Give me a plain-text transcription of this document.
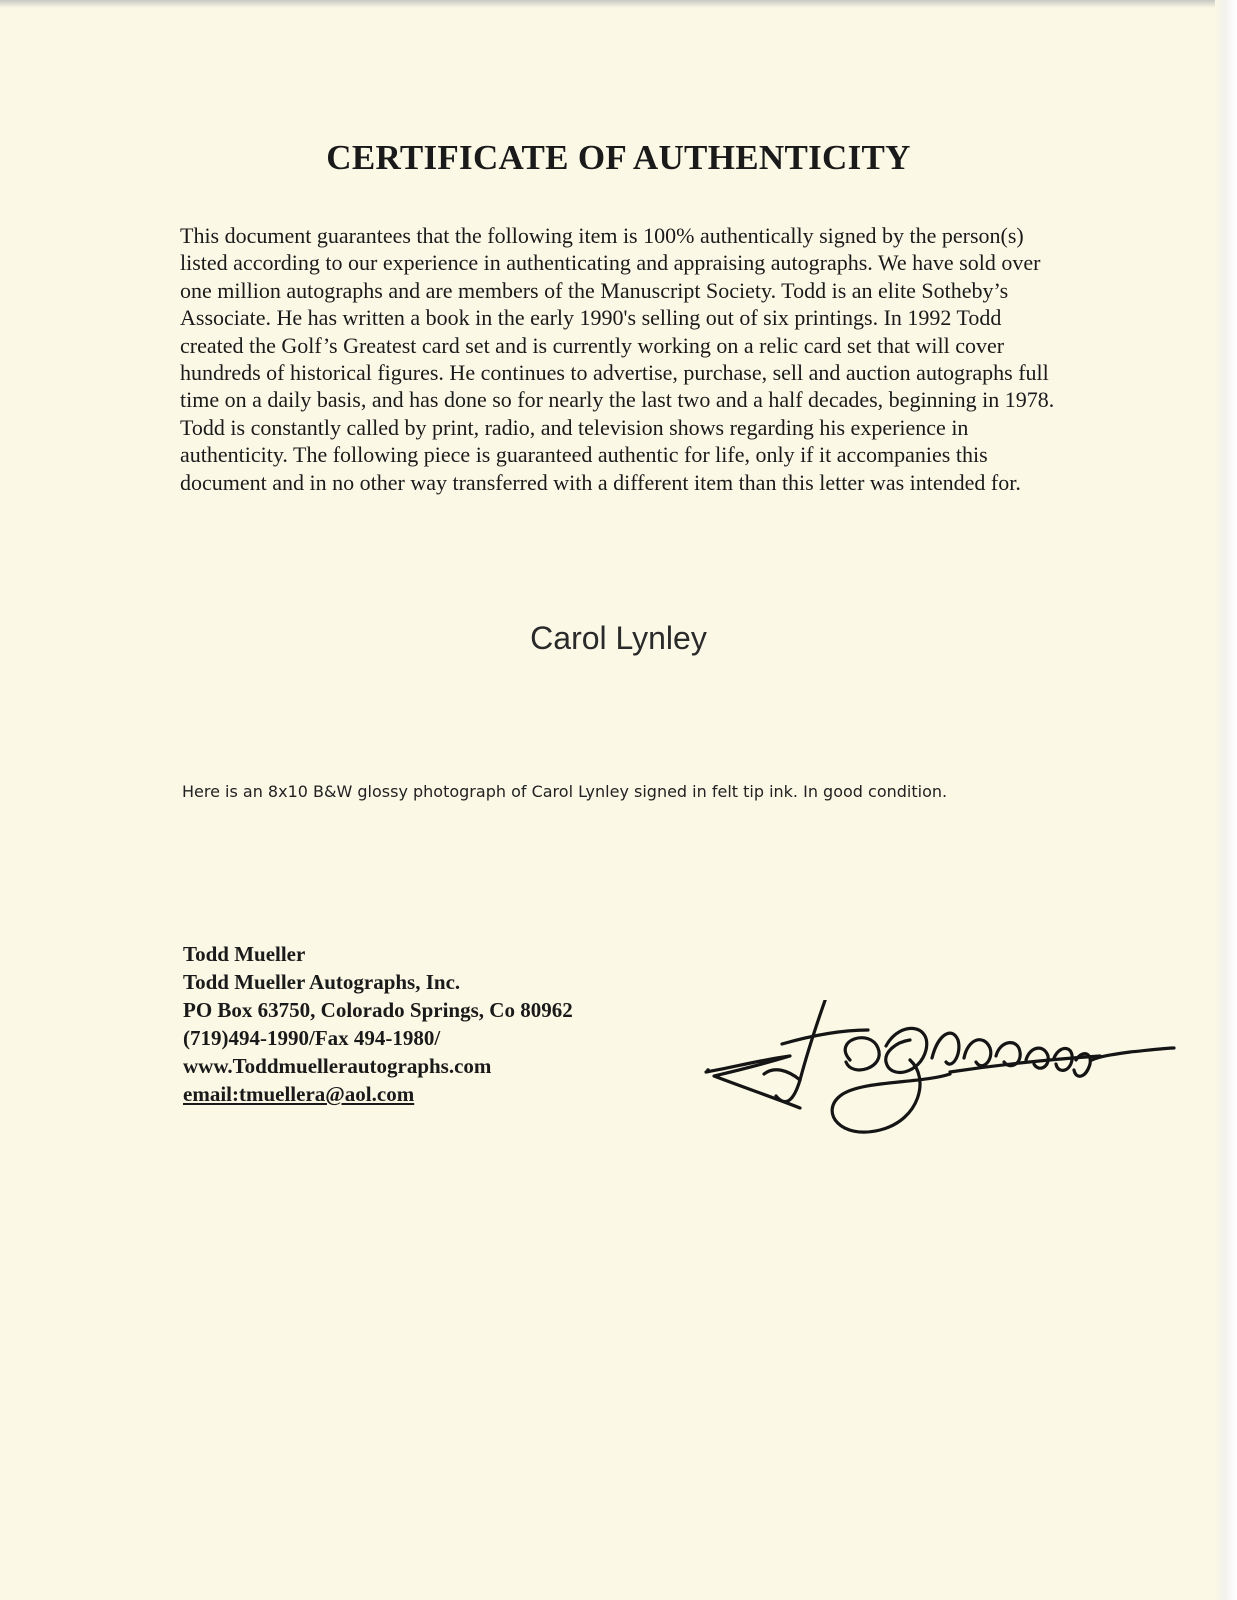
CERTIFICATE OF AUTHENTICITY

This document guarantees that the following item is 100% authentically signed by the person(s) listed according to our experience in authenticating and appraising autographs. We have sold over one million autographs and are members of the Manuscript Society. Todd is an elite Sotheby’s Associate. He has written a book in the early 1990's selling out of six printings. In 1992 Todd created the Golf’s Greatest card set and is currently working on a relic card set that will cover hundreds of historical figures. He continues to advertise, purchase, sell and auction autographs full time on a daily basis, and has done so for nearly the last two and a half decades, beginning in 1978. Todd is constantly called by print, radio, and television shows regarding his experience in authenticity. The following piece is guaranteed authentic for life, only if it accompanies this document and in no other way transferred with a different item than this letter was intended for.

Carol Lynley

Here is an 8x10 B&W glossy photograph of Carol Lynley signed in felt tip ink. In good condition.

Todd Mueller
Todd Mueller Autographs, Inc.
PO Box 63750, Colorado Springs, Co 80962
(719)494-1990/Fax 494-1980/
www.Toddmuellerautographs.com
email:tmuellera@aol.com
